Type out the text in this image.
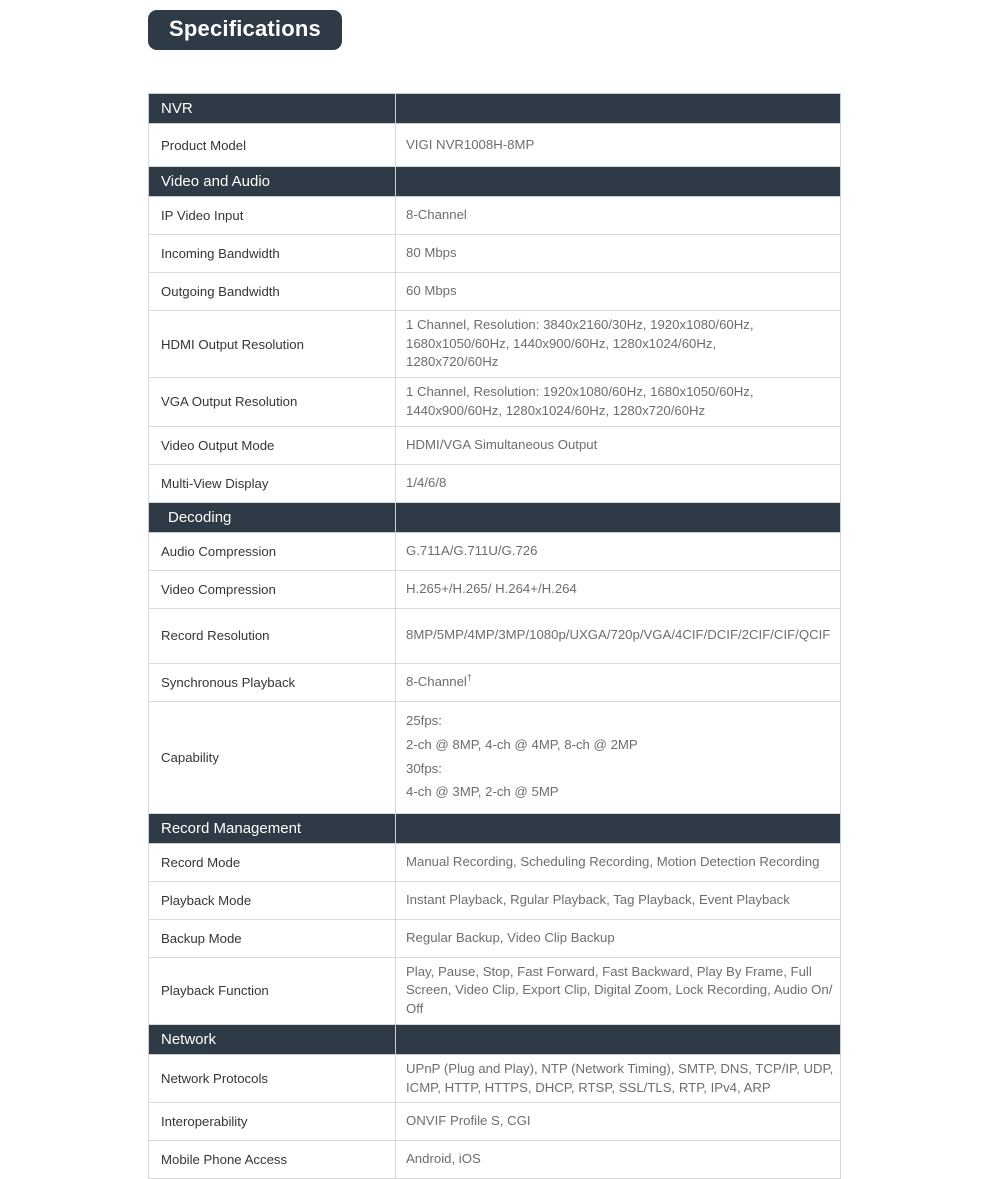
Specifications
NVR	
Product Model	VIGI NVR1008H-8MP
Video and Audio	
IP Video Input	8-Channel
Incoming Bandwidth	80 Mbps
Outgoing Bandwidth	60 Mbps
HDMI Output Resolution	1 Channel, Resolution: 3840x2160/30Hz, 1920x1080/60Hz,
1680x1050/60Hz, 1440x900/60Hz, 1280x1024/60Hz,
1280x720/60Hz

VGA Output Resolution	1 Channel, Resolution: 1920x1080/60Hz, 1680x1050/60Hz,
1440x900/60Hz, 1280x1024/60Hz, 1280x720/60Hz

Video Output Mode	HDMI/VGA Simultaneous Output
Multi-View Display	1/4/6/8
Decoding	
Audio Compression	G.711A/G.711U/G.726
Video Compression	H.265+/H.265/ H.264+/H.264
Record Resolution	8MP/5MP/4MP/3MP/1080p/UXGA/720p/VGA/4CIF/DCIF/2CIF/CIF/QCIF
Synchronous Playback	8-Channel†
Capability	25fps:
2-ch @ 8MP, 4-ch @ 4MP, 8-ch @ 2MP
30fps:
4-ch @ 3MP, 2-ch @ 5MP

Record Management	
Record Mode	Manual Recording, Scheduling Recording, Motion Detection Recording
Playback Mode	Instant Playback, Rgular Playback, Tag Playback, Event Playback
Backup Mode	Regular Backup, Video Clip Backup
Playback Function	Play, Pause, Stop, Fast Forward, Fast Backward, Play By Frame, Full
Screen, Video Clip, Export Clip, Digital Zoom, Lock Recording, Audio On/
Off

Network	
Network Protocols	UPnP (Plug and Play), NTP (Network Timing), SMTP, DNS, TCP/IP, UDP,
ICMP, HTTP, HTTPS, DHCP, RTSP, SSL/TLS, RTP, IPv4, ARP

Interoperability	ONVIF Profile S, CGI
Mobile Phone Access	Android, iOS
